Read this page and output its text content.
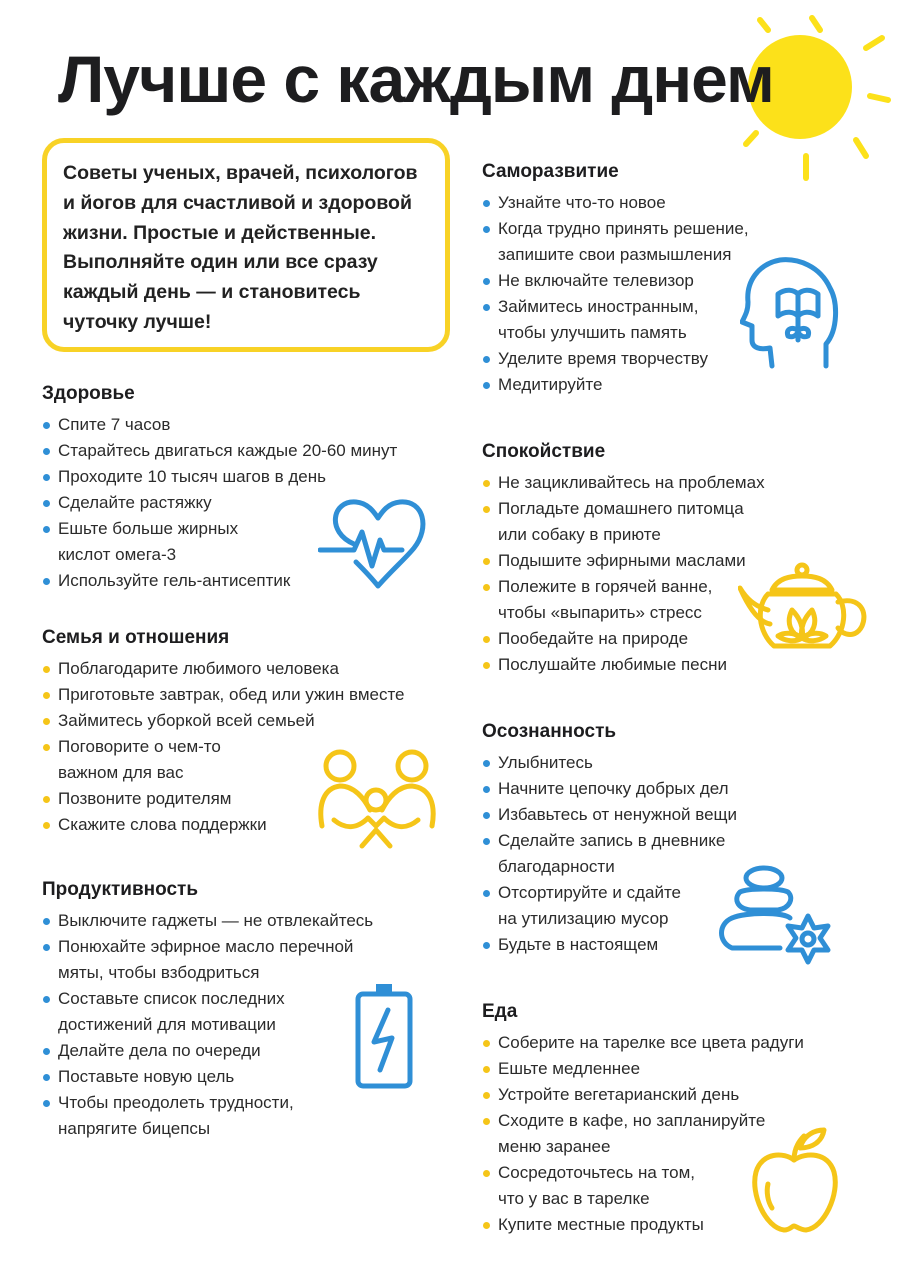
Лучше с каждым днем
Советы ученых, врачей, психологов и йогов для счастливой и здоровой жизни. Простые и действенные. Выполняйте один или все сразу каждый день — и становитесь чуточку лучше!
Здоровье
Спите 7 часов
Старайтесь двигаться каждые 20-60 минут
Проходите 10 тысяч шагов в день
Сделайте растяжку
Ешьте больше жирных
кислот омега-3
Используйте гель-антисептик
Семья и отношения
Поблагодарите любимого человека
Приготовьте завтрак, обед или ужин вместе
Займитесь уборкой всей семьей
Поговорите о чем-то
важном для вас
Позвоните родителям
Скажите слова поддержки
Продуктивность
Выключите гаджеты — не отвлекайтесь
Понюхайте эфирное масло перечной
мяты, чтобы взбодриться
Составьте список последних
достижений для мотивации
Делайте дела по очереди
Поставьте новую цель
Чтобы преодолеть трудности,
напрягите бицепсы
Саморазвитие
Узнайте что-то новое
Когда трудно принять решение,
запишите свои размышления
Не включайте телевизор
Займитесь иностранным,
чтобы улучшить память
Уделите время творчеству
Медитируйте
Спокойствие
Не зацикливайтесь на проблемах
Погладьте домашнего питомца
или собаку в приюте
Подышите эфирными маслами
Полежите в горячей ванне,
чтобы «выпарить» стресс
Пообедайте на природе
Послушайте любимые песни
Осознанность
Улыбнитесь
Начните цепочку добрых дел
Избавьтесь от ненужной вещи
Сделайте запись в дневнике
благодарности
Отсортируйте и сдайте
на утилизацию мусор
Будьте в настоящем
Еда
Соберите на тарелке все цвета радуги
Ешьте медленнее
Устройте вегетарианский день
Сходите в кафе, но запланируйте
меню заранее
Сосредоточьтесь на том,
что у вас в тарелке
Купите местные продукты
